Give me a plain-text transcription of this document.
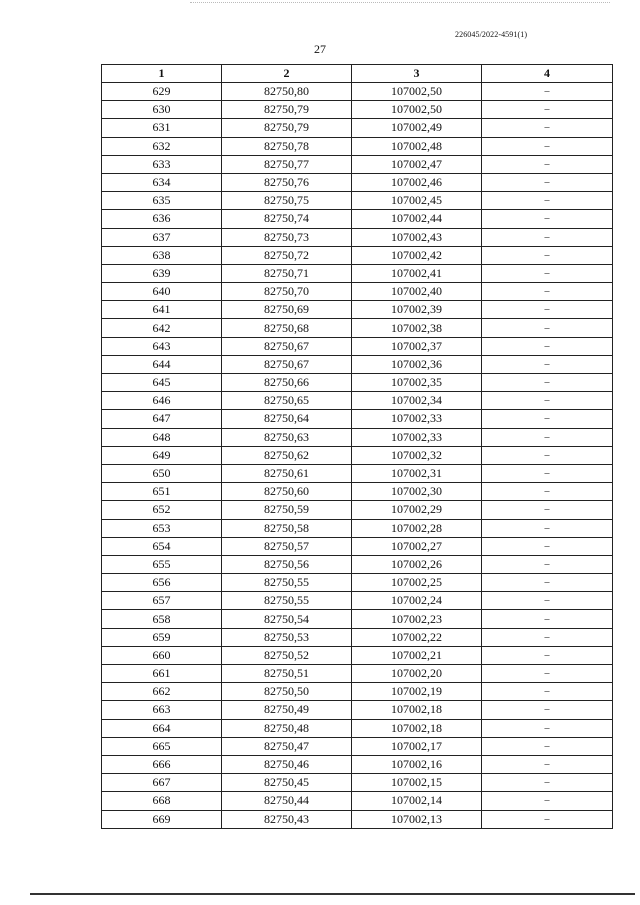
226045/2022-4591(1)
27
1	2	3	4
629	82750,80	107002,50	–
630	82750,79	107002,50	–
631	82750,79	107002,49	–
632	82750,78	107002,48	–
633	82750,77	107002,47	–
634	82750,76	107002,46	–
635	82750,75	107002,45	–
636	82750,74	107002,44	–
637	82750,73	107002,43	–
638	82750,72	107002,42	–
639	82750,71	107002,41	–
640	82750,70	107002,40	–
641	82750,69	107002,39	–
642	82750,68	107002,38	–
643	82750,67	107002,37	–
644	82750,67	107002,36	–
645	82750,66	107002,35	–
646	82750,65	107002,34	–
647	82750,64	107002,33	–
648	82750,63	107002,33	–
649	82750,62	107002,32	–
650	82750,61	107002,31	–
651	82750,60	107002,30	–
652	82750,59	107002,29	–
653	82750,58	107002,28	–
654	82750,57	107002,27	–
655	82750,56	107002,26	–
656	82750,55	107002,25	–
657	82750,55	107002,24	–
658	82750,54	107002,23	–
659	82750,53	107002,22	–
660	82750,52	107002,21	–
661	82750,51	107002,20	–
662	82750,50	107002,19	–
663	82750,49	107002,18	–
664	82750,48	107002,18	–
665	82750,47	107002,17	–
666	82750,46	107002,16	–
667	82750,45	107002,15	–
668	82750,44	107002,14	–
669	82750,43	107002,13	–
